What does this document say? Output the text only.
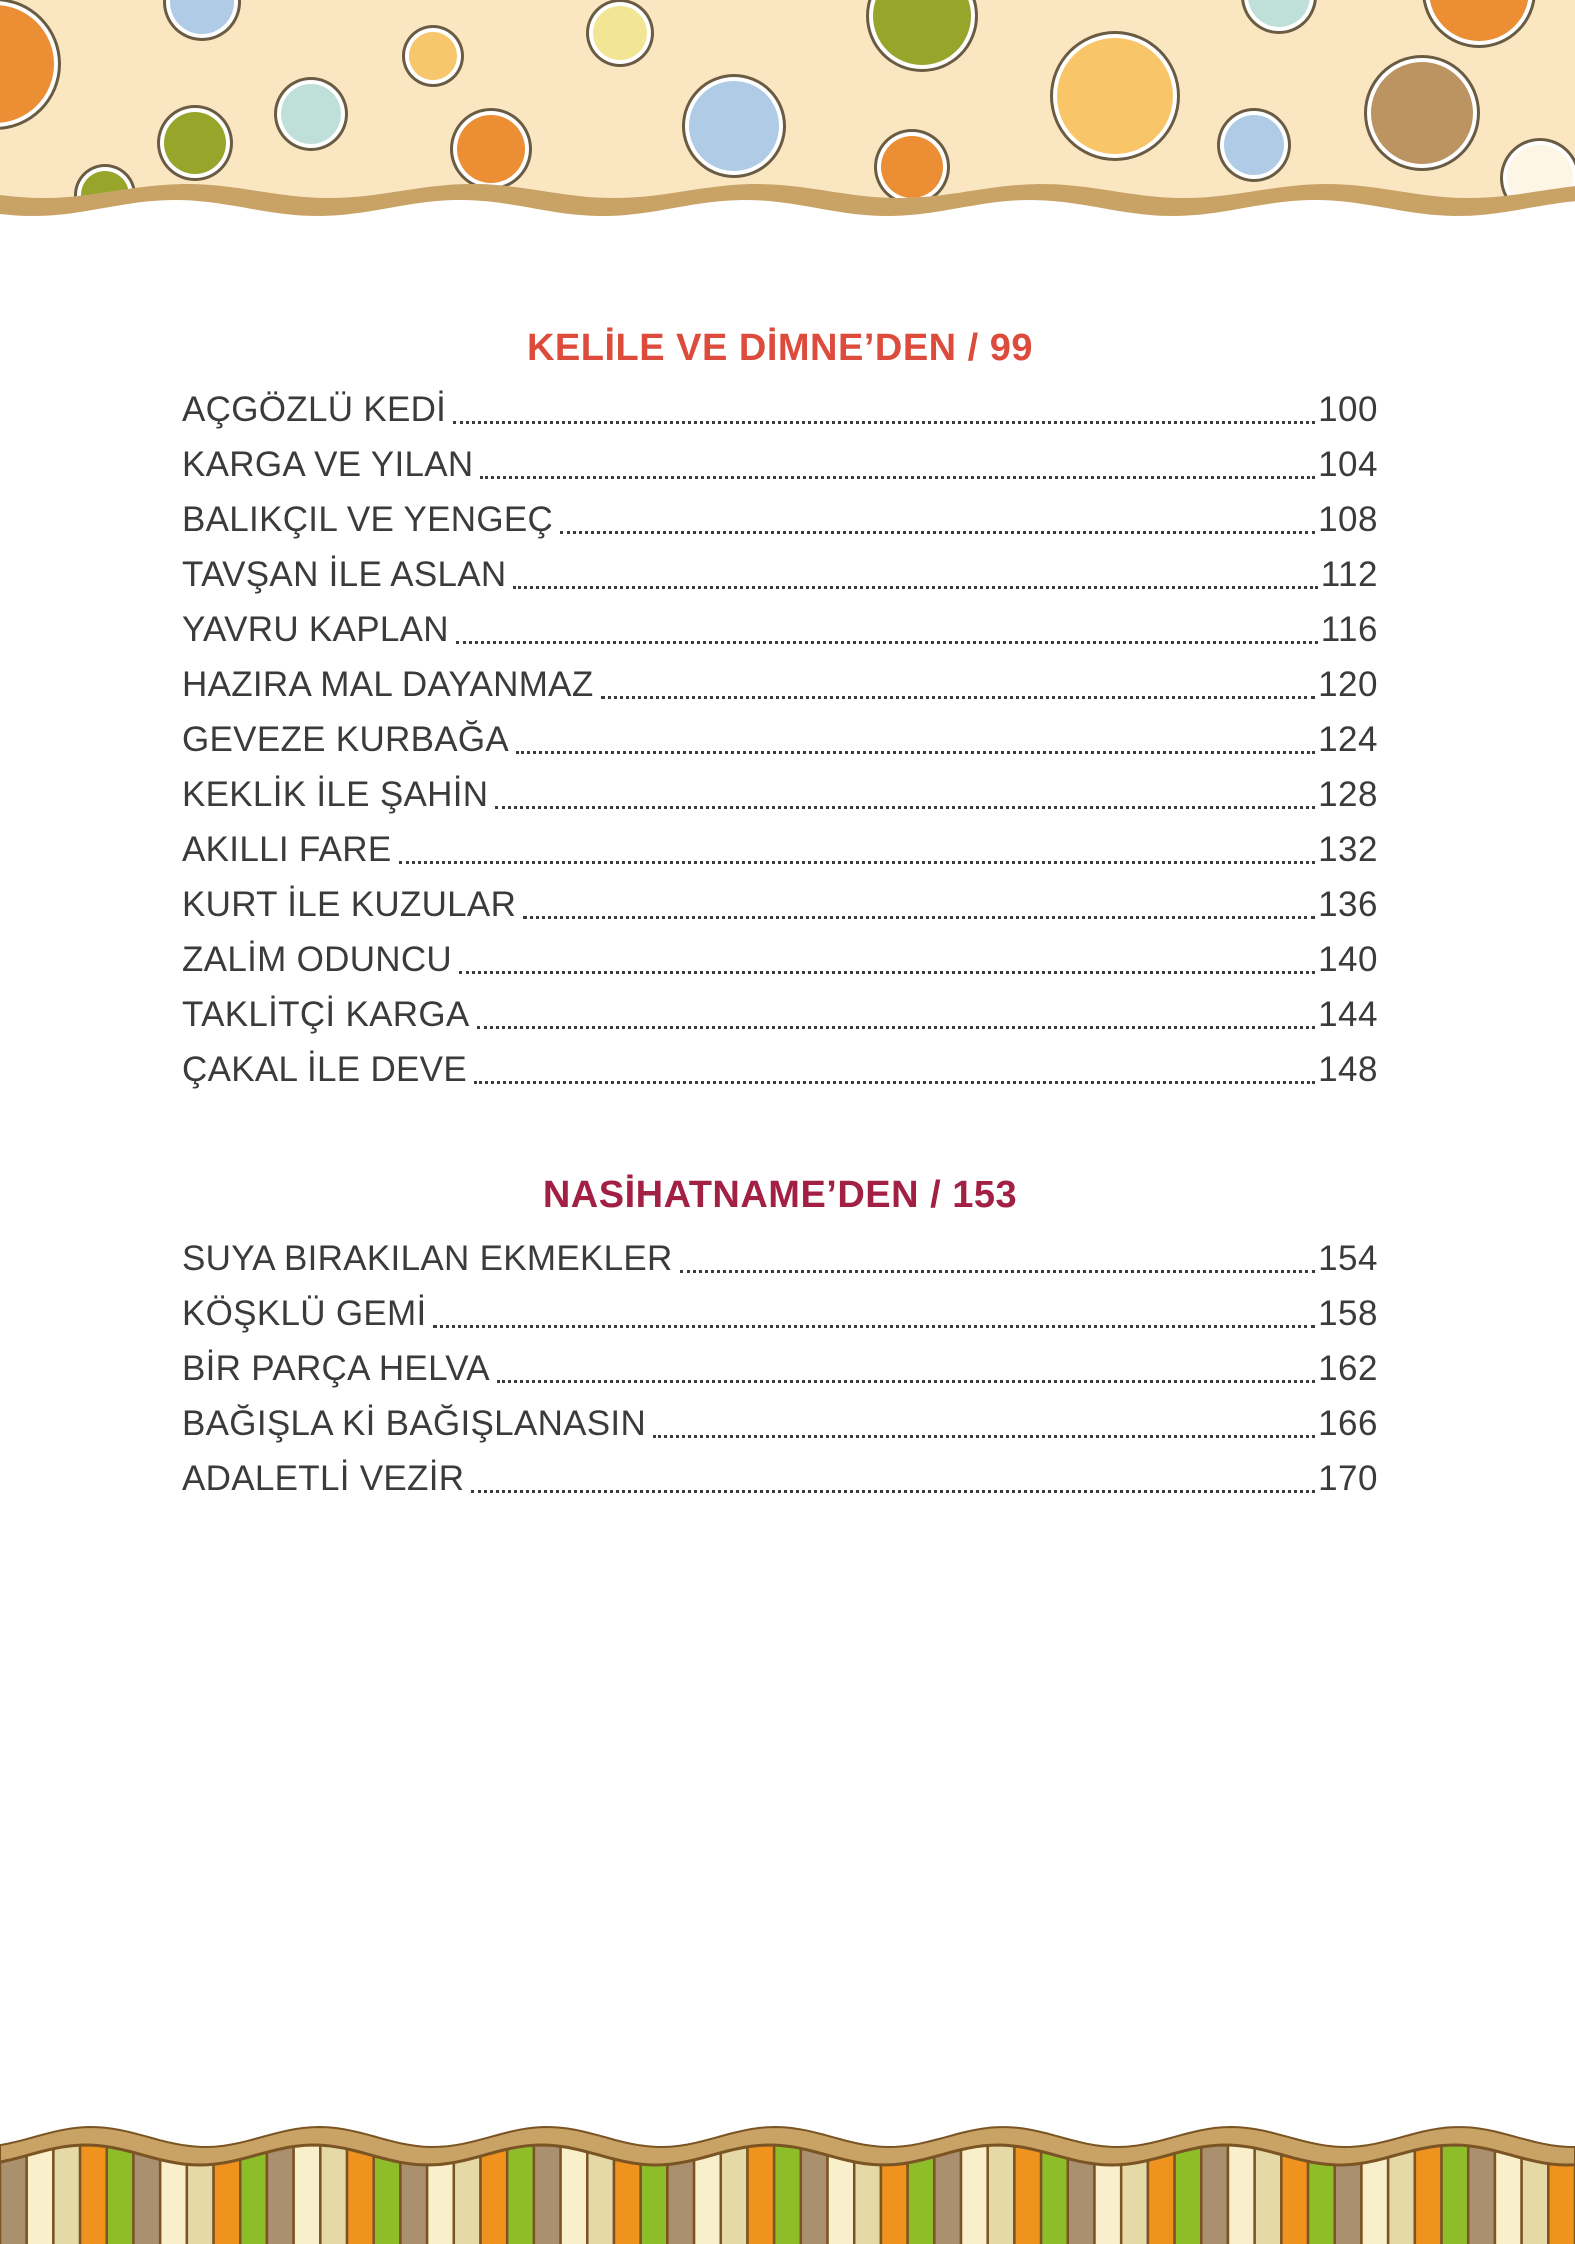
KELİLE VE DİMNE’DEN / 99
AÇGÖZLÜ KEDİ	100
KARGA VE YILAN	104
BALIKÇIL VE YENGEÇ	108
TAVŞAN İLE ASLAN	112
YAVRU KAPLAN	116
HAZIRA MAL DAYANMAZ	120
GEVEZE KURBAĞA	124
KEKLİK İLE ŞAHİN	128
AKILLI FARE	132
KURT İLE KUZULAR	136
ZALİM ODUNCU	140
TAKLİTÇİ KARGA	144
ÇAKAL İLE DEVE	148
NASİHATNAME’DEN / 153
SUYA BIRAKILAN EKMEKLER	154
KÖŞKLÜ GEMİ	158
BİR PARÇA HELVA	162
BAĞIŞLA Kİ BAĞIŞLANASIN	166
ADALETLİ VEZİR	170
